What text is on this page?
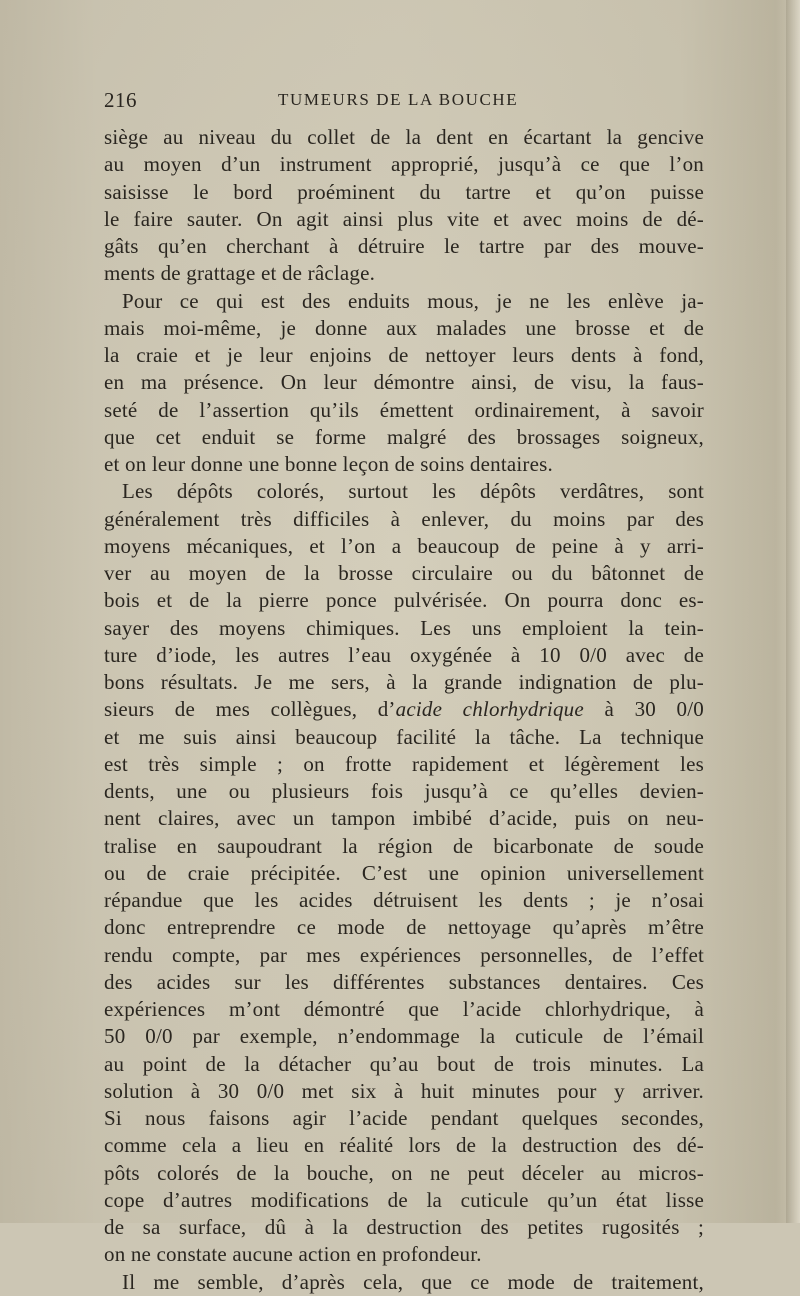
216	TUMEURS DE LA BOUCHE
siège au niveau du collet de la dent en écartant la gencive
au moyen d’un instrument approprié, jusqu’à ce que l’on
saisisse le bord proéminent du tartre et qu’on puisse
le faire sauter. On agit ainsi plus vite et avec moins de dé-
gâts qu’en cherchant à détruire le tartre par des mouve-
ments de grattage et de râclage.
Pour ce qui est des enduits mous, je ne les enlève ja-
mais moi-même, je donne aux malades une brosse et de
la craie et je leur enjoins de nettoyer leurs dents à fond,
en ma présence. On leur démontre ainsi, de visu, la faus-
seté de l’assertion qu’ils émettent ordinairement, à savoir
que cet enduit se forme malgré des brossages soigneux,
et on leur donne une bonne leçon de soins dentaires.
Les dépôts colorés, surtout les dépôts verdâtres, sont
généralement très difficiles à enlever, du moins par des
moyens mécaniques, et l’on a beaucoup de peine à y arri-
ver au moyen de la brosse circulaire ou du bâtonnet de
bois et de la pierre ponce pulvérisée. On pourra donc es-
sayer des moyens chimiques. Les uns emploient la tein-
ture d’iode, les autres l’eau oxygénée à 10 0/0 avec de
bons résultats. Je me sers, à la grande indignation de plu-
sieurs de mes collègues, d’acide chlorhydrique à 30 0/0
et me suis ainsi beaucoup facilité la tâche. La technique
est très simple ; on frotte rapidement et légèrement les
dents, une ou plusieurs fois jusqu’à ce qu’elles devien-
nent claires, avec un tampon imbibé d’acide, puis on neu-
tralise en saupoudrant la région de bicarbonate de soude
ou de craie précipitée. C’est une opinion universellement
répandue que les acides détruisent les dents ; je n’osai
donc entreprendre ce mode de nettoyage qu’après m’être
rendu compte, par mes expériences personnelles, de l’effet
des acides sur les différentes substances dentaires. Ces
expériences m’ont démontré que l’acide chlorhydrique, à
50 0/0 par exemple, n’endommage la cuticule de l’émail
au point de la détacher qu’au bout de trois minutes. La
solution à 30 0/0 met six à huit minutes pour y arriver.
Si nous faisons agir l’acide pendant quelques secondes,
comme cela a lieu en réalité lors de la destruction des dé-
pôts colorés de la bouche, on ne peut déceler au micros-
cope d’autres modifications de la cuticule qu’un état lisse
de sa surface, dû à la destruction des petites rugosités ;
on ne constate aucune action en profondeur.
Il me semble, d’après cela, que ce mode de traitement,
